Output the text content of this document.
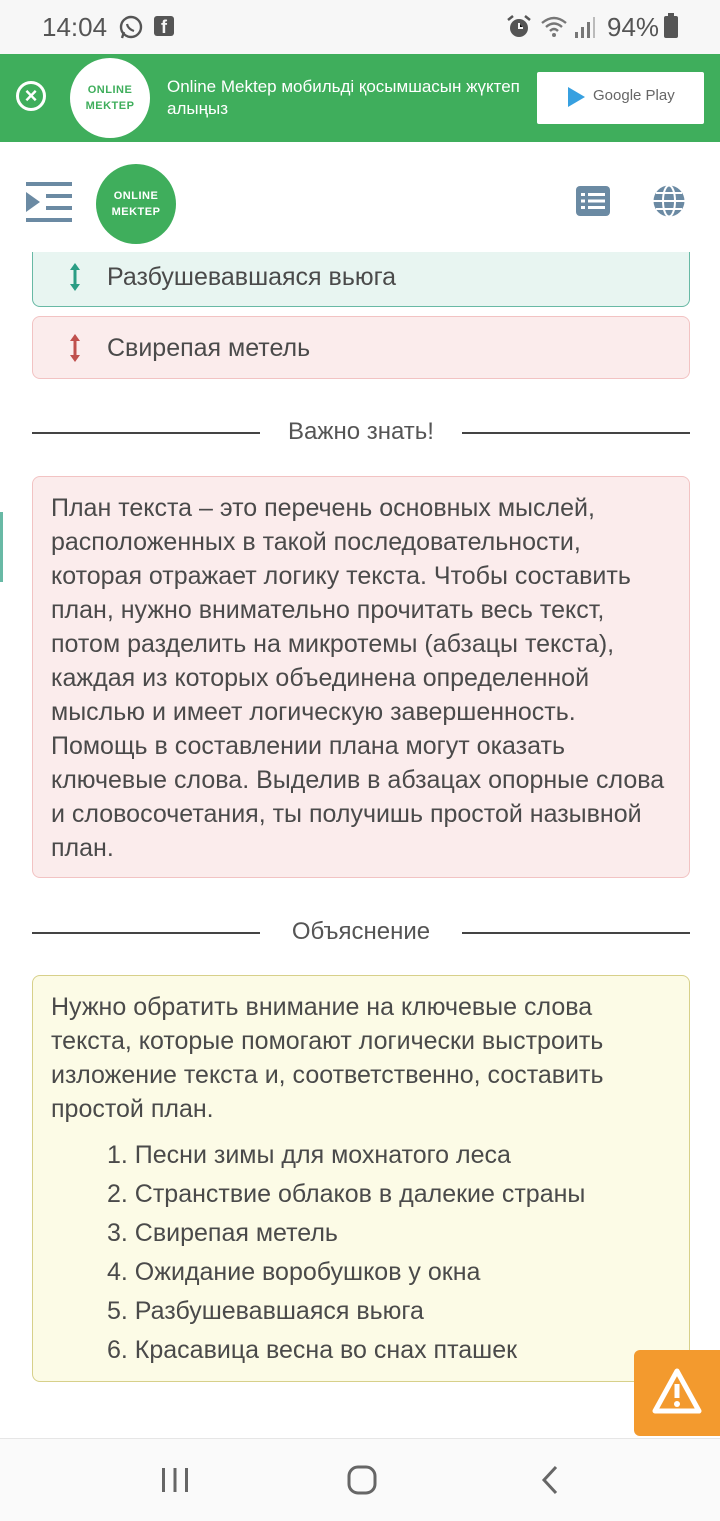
14:04	f	94%
×	ONLINE
MEKTEP
Online Mektep мобильді қосымшасын жүктеп алыңыз
Google Play
ONLINE
MEKTEP
Разбушевавшаяся вьюга
Свирепая метель
Важно знать!
План текста – это перечень основных мыслей, расположенных в такой последовательности, которая отражает логику текста. Чтобы составить план, нужно внимательно прочитать весь текст, потом разделить на микротемы (абзацы текста), каждая из которых объединена определенной мыслью и имеет логическую завершенность. Помощь в составлении плана могут оказать ключевые слова. Выделив в абзацах опорные слова и словосочетания, ты получишь простой назывной план.
Объяснение
Нужно обратить внимание на ключевые слова текста, которые помогают логически выстроить изложение текста и, соответственно, составить простой план.
1. Песни зимы для мохнатого леса
2. Странствие облаков в далекие страны
3. Свирепая метель
4. Ожидание воробушков у окна
5. Разбушевавшаяся вьюга
6. Красавица весна во снах пташек
